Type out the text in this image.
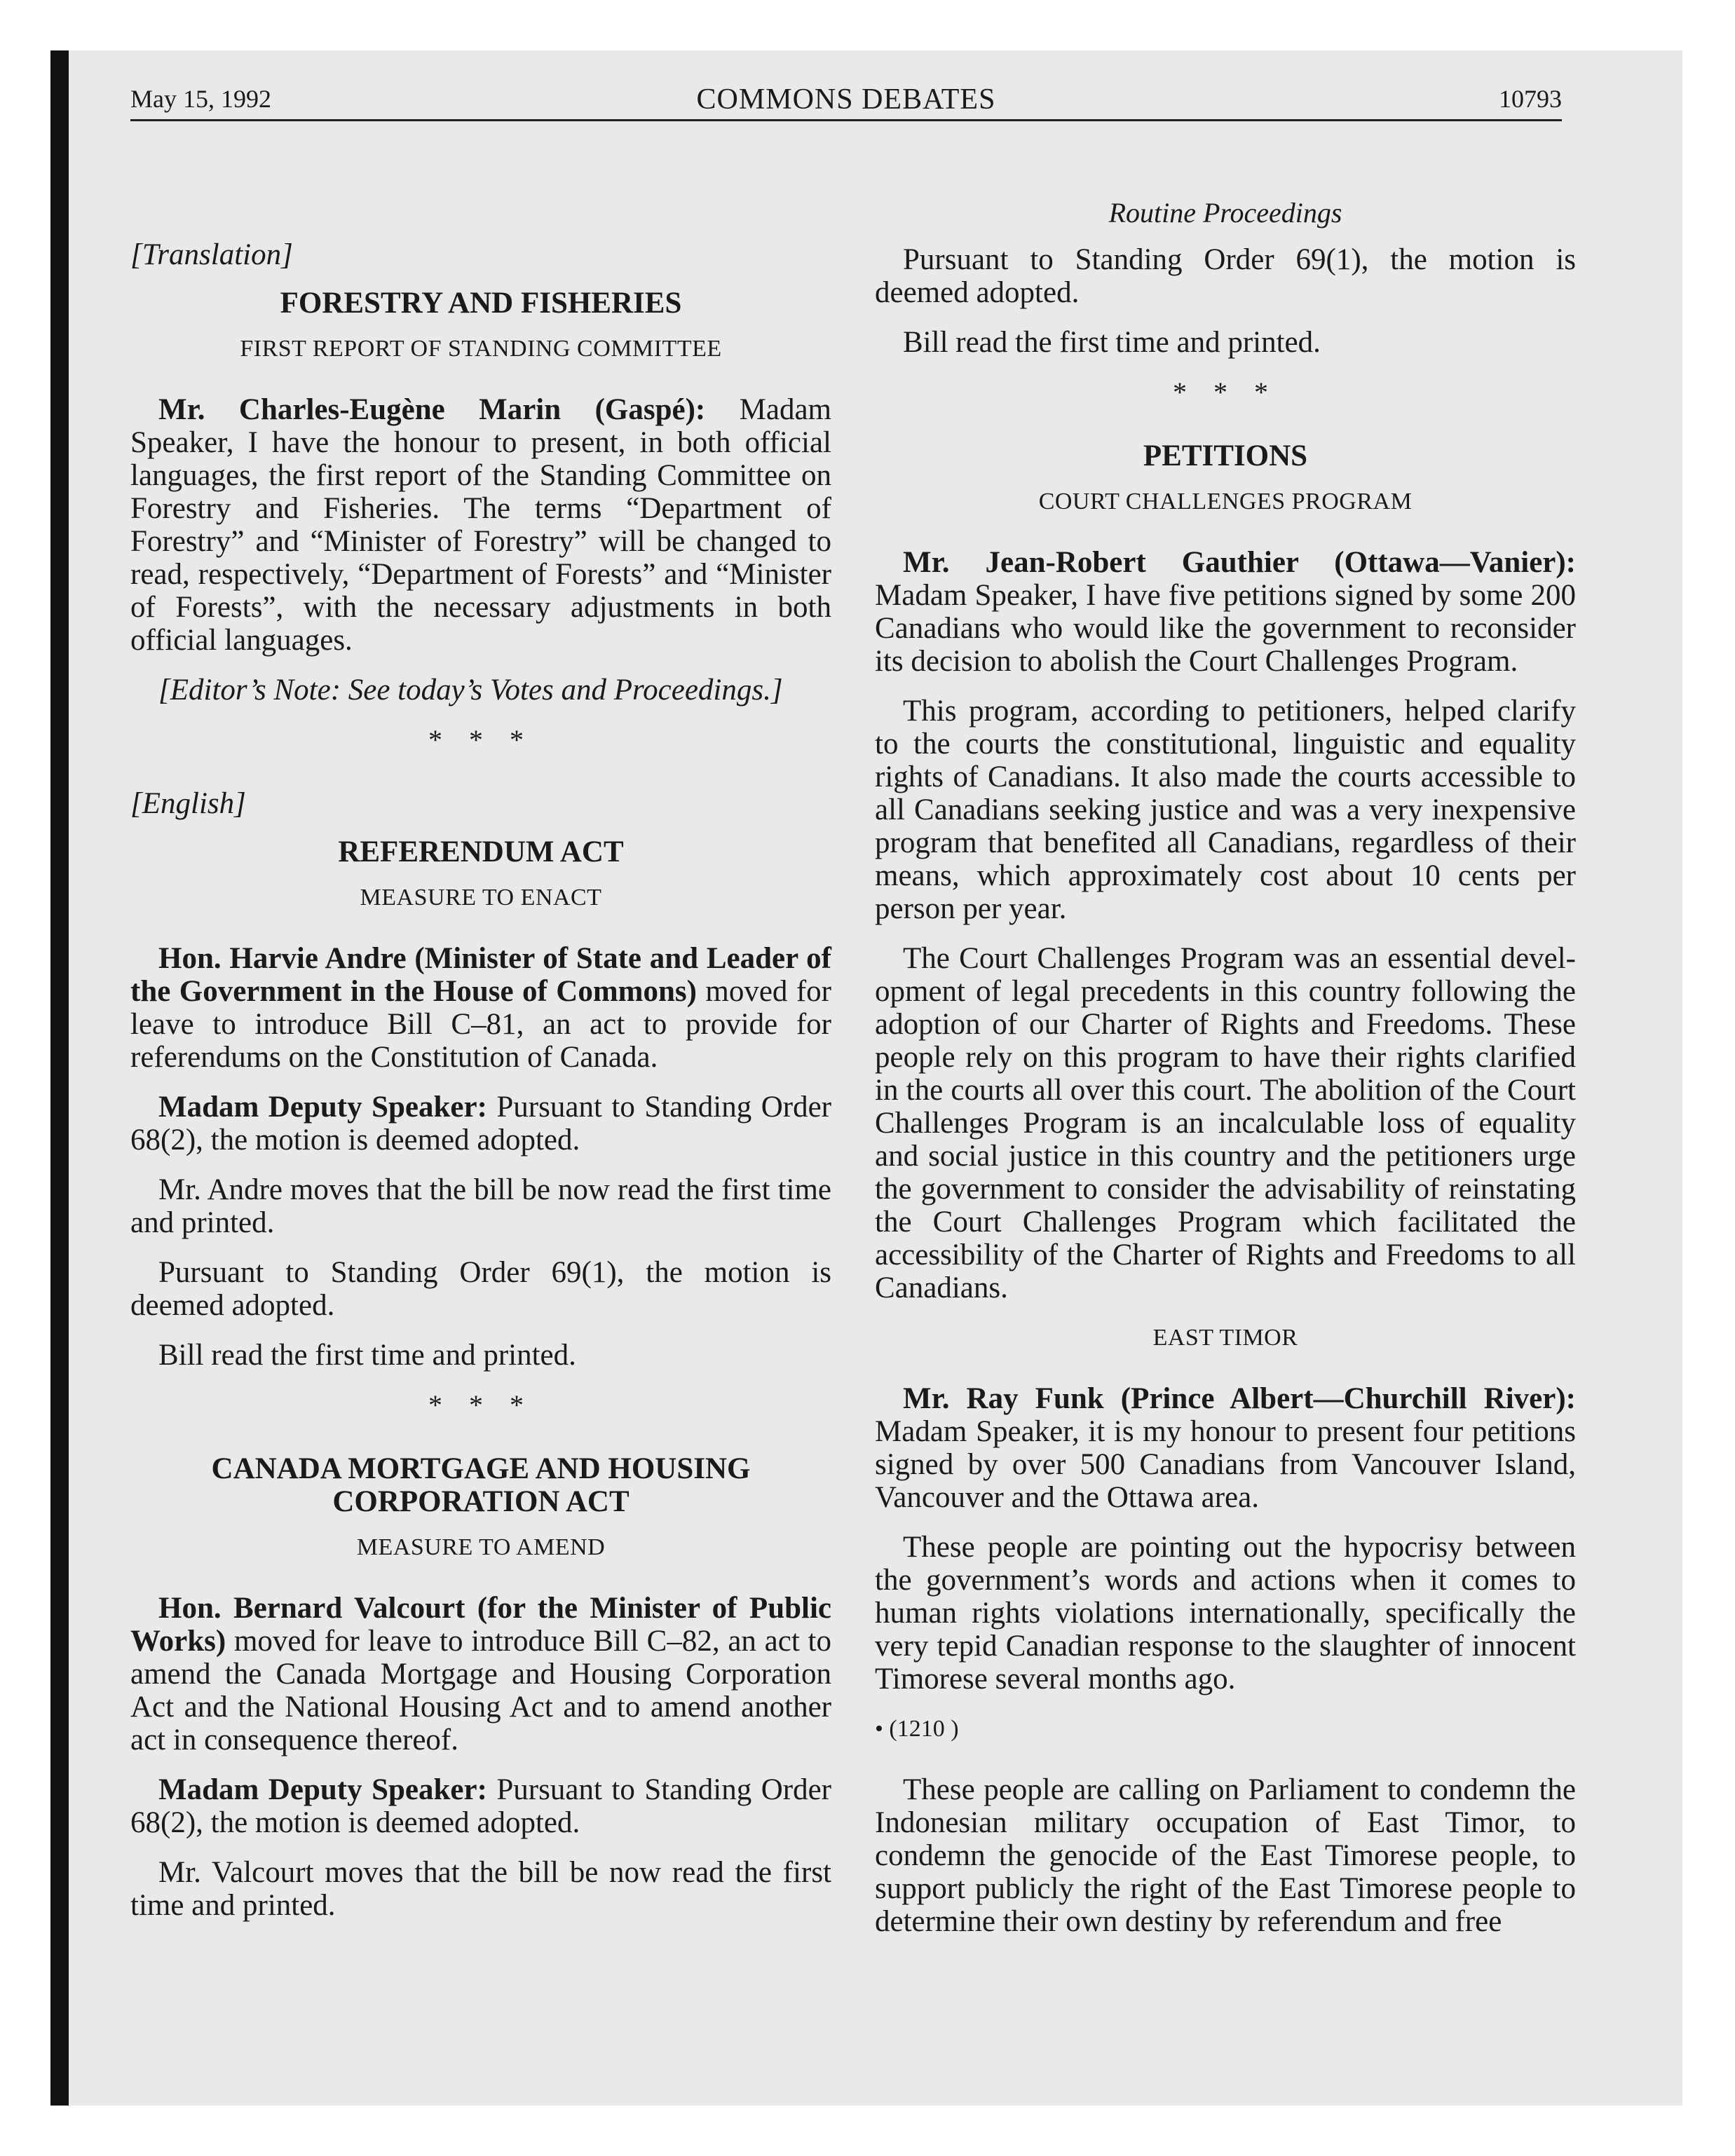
May 15, 1992	COMMONS DEBATES	10793

[Translation]

FORESTRY AND FISHERIES
FIRST REPORT OF STANDING COMMITTEE

Mr. Charles-Eugène Marin (Gaspé): Madam Speaker, I have the honour to present, in both official languages, the first report of the Standing Committee on Forestry and Fisheries. The terms “Department of Forestry” and “Minister of Forestry” will be changed to read, respectively, “Department of Forests” and “Minister of Forests”, with the necessary adjustments in both official languages.

[Editor’s Note: See today’s Votes and Proceedings.]

* * *

[English]

REFERENDUM ACT
MEASURE TO ENACT

Hon. Harvie Andre (Minister of State and Leader of the Government in the House of Commons) moved for leave to introduce Bill C–81, an act to provide for referendums on the Constitution of Canada.

Madam Deputy Speaker: Pursuant to Standing Order 68(2), the motion is deemed adopted.

Mr. Andre moves that the bill be now read the first time and printed.

Pursuant to Standing Order 69(1), the motion is deemed adopted.

Bill read the first time and printed.

* * *
CANADA MORTGAGE AND HOUSING
CORPORATION ACT
MEASURE TO AMEND

Hon. Bernard Valcourt (for the Minister of Public Works) moved for leave to introduce Bill C–82, an act to amend the Canada Mortgage and Housing Corporation Act and the National Housing Act and to amend another act in consequence thereof.

Madam Deputy Speaker: Pursuant to Standing Order 68(2), the motion is deemed adopted.

Mr. Valcourt moves that the bill be now read the first time and printed.

Routine Proceedings

Pursuant to Standing Order 69(1), the motion is deemed adopted.

Bill read the first time and printed.

* * *
PETITIONS
COURT CHALLENGES PROGRAM

Mr. Jean-Robert Gauthier (Ottawa—Vanier): Madam Speaker, I have five petitions signed by some 200 Canadians who would like the government to reconsider its decision to abolish the Court Challenges Program.

This program, according to petitioners, helped clarify to the courts the constitutional, linguistic and equality rights of Canadians. It also made the courts accessible to all Canadians seeking justice and was a very inexpensive program that benefited all Canadians, regardless of their means, which approximately cost about 10 cents per person per year.

The Court Challenges Program was an essential development of legal precedents in this country following the adoption of our Charter of Rights and Freedoms. These people rely on this program to have their rights clarified in the courts all over this court. The abolition of the Court Challenges Program is an incalculable loss of equality and social justice in this country and the petitioners urge the government to consider the advisability of reinstating the Court Challenges Program which facilitated the accessibility of the Charter of Rights and Freedoms to all Canadians.

EAST TIMOR

Mr. Ray Funk (Prince Albert—Churchill River): Madam Speaker, it is my honour to present four petitions signed by over 500 Canadians from Vancouver Island, Vancouver and the Ottawa area.

These people are pointing out the hypocrisy between the government’s words and actions when it comes to human rights violations internationally, specifically the very tepid Canadian response to the slaughter of innocent Timorese several months ago.

• (1210 )

These people are calling on Parliament to condemn the Indonesian military occupation of East Timor, to condemn the genocide of the East Timorese people, to support publicly the right of the East Timorese people to determine their own destiny by referendum and free
